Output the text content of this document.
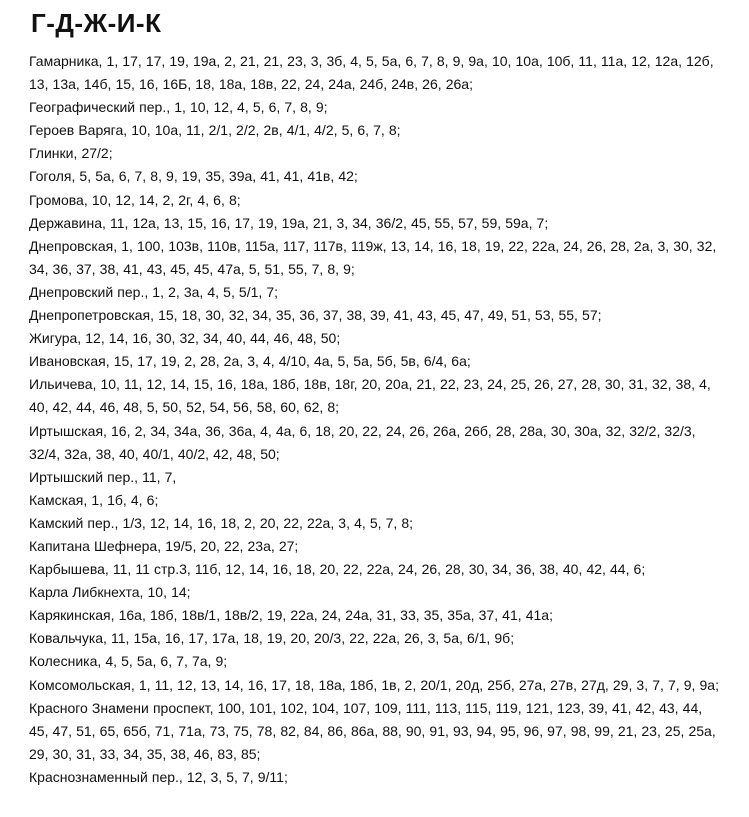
Г-Д-Ж-И-К
Гамарника, 1, 17, 17, 19, 19а, 2, 21, 21, 23, 3, 3б, 4, 5, 5а, 6, 7, 8, 9, 9а, 10, 10а, 10б, 11, 11а, 12, 12а, 12б, 13, 13а, 14б, 15, 16, 16Б, 18, 18а, 18в, 22, 24, 24а, 24б, 24в, 26, 26а;
Географический пер., 1, 10, 12, 4, 5, 6, 7, 8, 9;
Героев Варяга, 10, 10а, 11, 2/1, 2/2, 2в, 4/1, 4/2, 5, 6, 7, 8;
Глинки, 27/2;
Гоголя, 5, 5а, 6, 7, 8, 9, 19, 35, 39а, 41, 41, 41в, 42;
Громова, 10, 12, 14, 2, 2г, 4, 6, 8;
Державина, 11, 12а, 13, 15, 16, 17, 19, 19а, 21, 3, 34, 36/2, 45, 55, 57, 59, 59а, 7;
Днепровская, 1, 100, 103в, 110в, 115а, 117, 117в, 119ж, 13, 14, 16, 18, 19, 22, 22а, 24, 26, 28, 2а, 3, 30, 32, 34, 36, 37, 38, 41, 43, 45, 45, 47а, 5, 51, 55, 7, 8, 9;
Днепровский пер., 1, 2, 3а, 4, 5, 5/1, 7;
Днепропетровская, 15, 18, 30, 32, 34, 35, 36, 37, 38, 39, 41, 43, 45, 47, 49, 51, 53, 55, 57;
Жигура, 12, 14, 16, 30, 32, 34, 40, 44, 46, 48, 50;
Ивановская, 15, 17, 19, 2, 28, 2а, 3, 4, 4/10, 4а, 5, 5а, 5б, 5в, 6/4, 6а;
Ильичева, 10, 11, 12, 14, 15, 16, 18а, 18б, 18в, 18г, 20, 20а, 21, 22, 23, 24, 25, 26, 27, 28, 30, 31, 32, 38, 4, 40, 42, 44, 46, 48, 5, 50, 52, 54, 56, 58, 60, 62, 8;
Иртышская, 16, 2, 34, 34а, 36, 36а, 4, 4а, 6, 18, 20, 22, 24, 26, 26а, 26б, 28, 28а, 30, 30а, 32, 32/2, 32/3, 32/4, 32а, 38, 40, 40/1, 40/2, 42, 48, 50;
Иртышский пер., 11, 7,
Камская, 1, 1б, 4, 6;
Камский пер., 1/3, 12, 14, 16, 18, 2, 20, 22, 22а, 3, 4, 5, 7, 8;
Капитана Шефнера, 19/5, 20, 22, 23а, 27;
Карбышева, 11, 11 стр.3, 11б, 12, 14, 16, 18, 20, 22, 22а, 24, 26, 28, 30, 34, 36, 38, 40, 42, 44, 6;
Карла Либкнехта, 10, 14;
Карякинская, 16а, 18б, 18в/1, 18в/2, 19, 22а, 24, 24а, 31, 33, 35, 35а, 37, 41, 41а;
Ковальчука, 11, 15а, 16, 17, 17а, 18, 19, 20, 20/3, 22, 22а, 26, 3, 5а, 6/1, 9б;
Колесника, 4, 5, 5а, 6, 7, 7а, 9;
Комсомольская, 1, 11, 12, 13, 14, 16, 17, 18, 18а, 18б, 1в, 2, 20/1, 20д, 25б, 27а, 27в, 27д, 29, 3, 7, 7, 9, 9а;
Красного Знамени проспект, 100, 101, 102, 104, 107, 109, 111, 113, 115, 119, 121, 123, 39, 41, 42, 43, 44, 45, 47, 51, 65, 65б, 71, 71а, 73, 75, 78, 82, 84, 86, 86а, 88, 90, 91, 93, 94, 95, 96, 97, 98, 99, 21, 23, 25, 25а, 29, 30, 31, 33, 34, 35, 38, 46, 83, 85;
Краснознаменный пер., 12, 3, 5, 7, 9/11;
